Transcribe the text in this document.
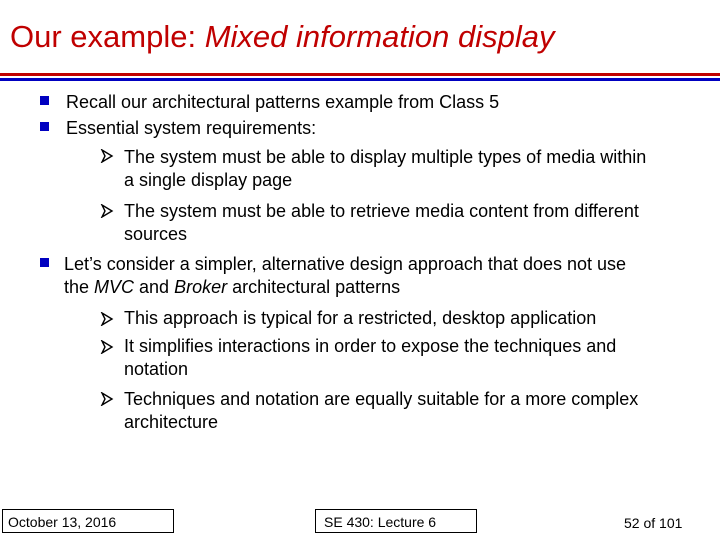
Our example: Mixed information display
Recall our architectural patterns example from Class 5
Essential system requirements:
The system must be able to display multiple types of media within
a single display page
The system must be able to retrieve media content from different
sources
Let’s consider a simpler, alternative design approach that does not use
the MVC and Broker architectural patterns
This approach is typical for a restricted, desktop application
It simplifies interactions in order to expose the techniques and
notation
Techniques and notation are equally suitable for a more complex
architecture
October 13, 2016	SE 430: Lecture 6	52 of 101
